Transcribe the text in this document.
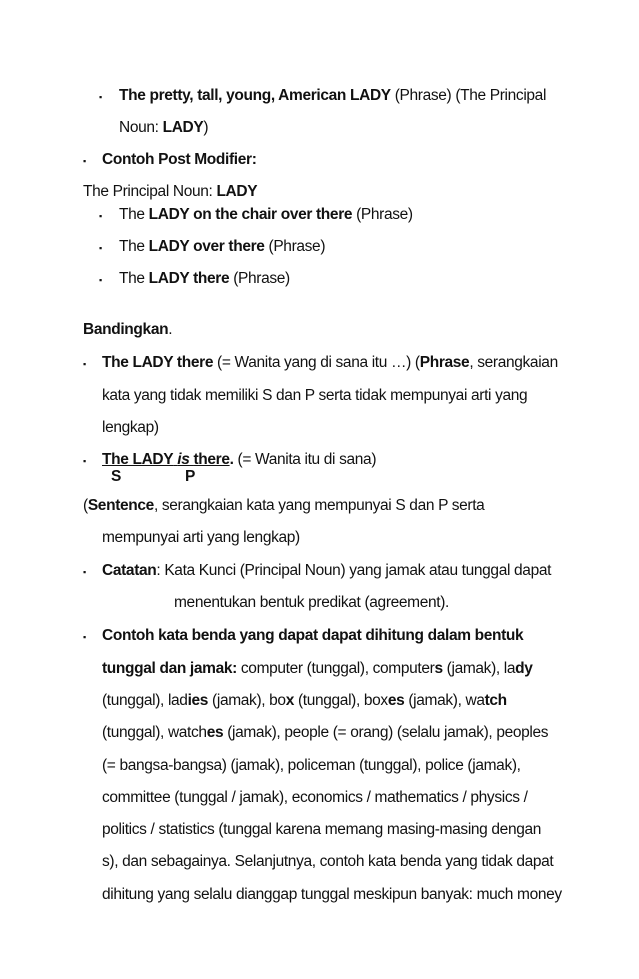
▪ The pretty, tall, young, American LADY (Phrase) (The Principal
Noun: LADY)
▪ Contoh Post Modifier:
The Principal Noun: LADY
▪ The LADY on the chair over there (Phrase)
▪ The LADY over there (Phrase)
▪ The LADY there (Phrase)
Bandingkan.
▪ The LADY there (= Wanita yang di sana itu …) (Phrase, serangkaian
kata yang tidak memiliki S dan P serta tidak mempunyai arti yang
lengkap)
▪ The LADY is there. (= Wanita itu di sana)
S	P
(Sentence, serangkaian kata yang mempunyai S dan P serta
mempunyai arti yang lengkap)
▪ Catatan: Kata Kunci (Principal Noun) yang jamak atau tunggal dapat
menentukan bentuk predikat (agreement).
▪ Contoh kata benda yang dapat dapat dihitung dalam bentuk
tunggal dan jamak: computer (tunggal), computers (jamak), lady
(tunggal), ladies (jamak), box (tunggal), boxes (jamak), watch
(tunggal), watches (jamak), people (= orang) (selalu jamak), peoples
(= bangsa-bangsa) (jamak), policeman (tunggal), police (jamak),
committee (tunggal / jamak), economics / mathematics / physics /
politics / statistics (tunggal karena memang masing-masing dengan
s), dan sebagainya. Selanjutnya, contoh kata benda yang tidak dapat
dihitung yang selalu dianggap tunggal meskipun banyak: much money
